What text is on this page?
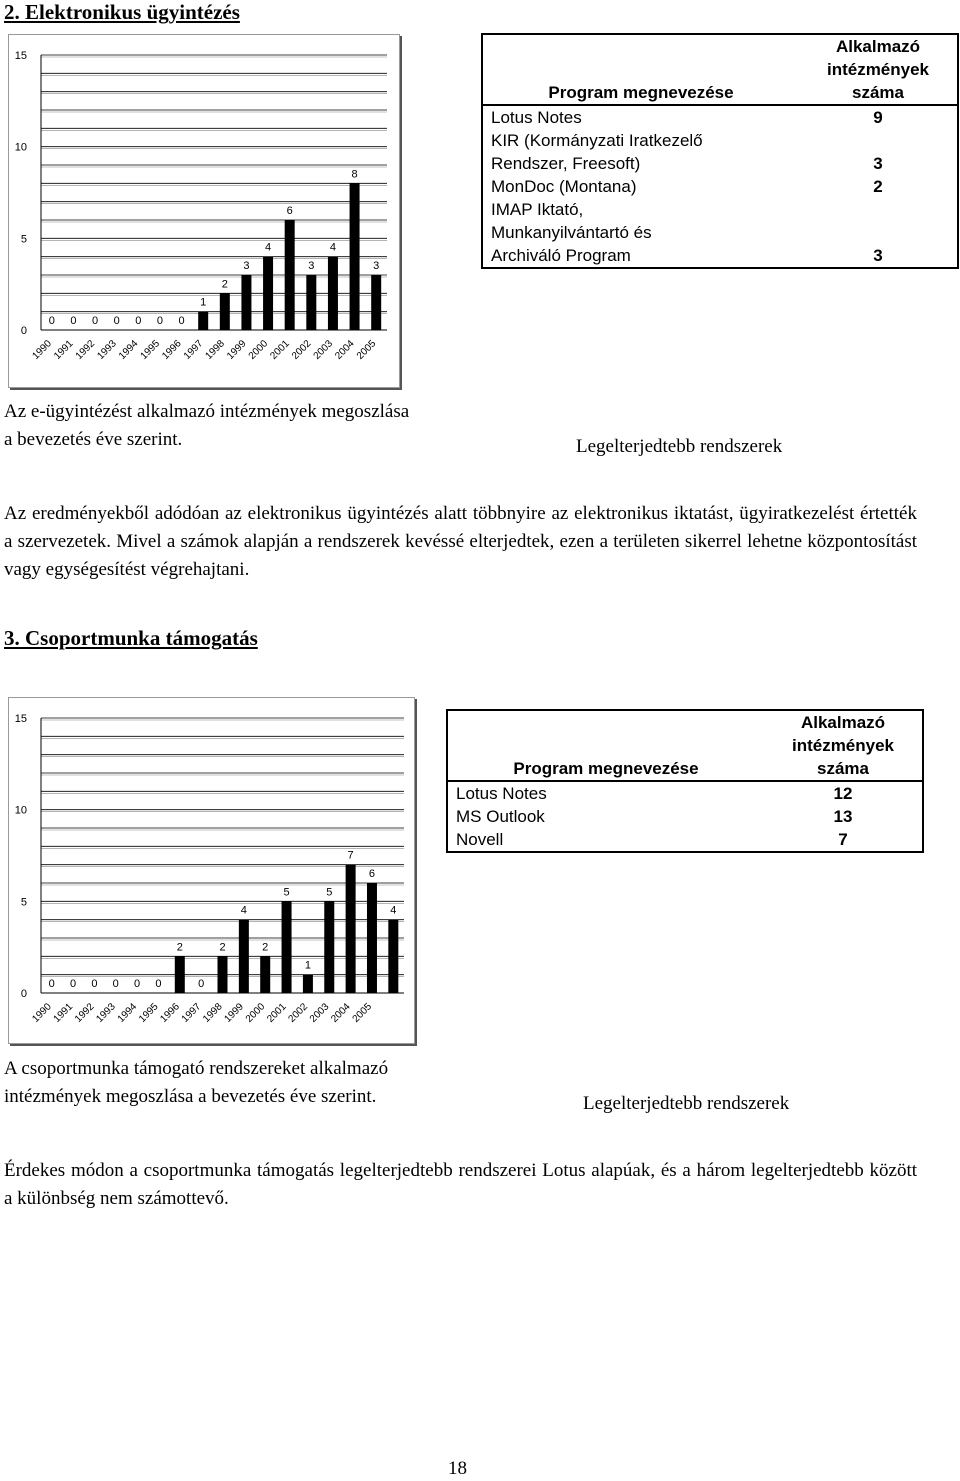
2. Elektronikus ügyintézés
0
5
10
15
0 0 0 0 0 0 0
1
2
3
4
6
3
4
8
3
1990
1991
1992
1993
1994
1995
1996
1997
1998
1999
2000
2001
2002
2003
2004
2005
Program megnevezése	Alkalmazó
intézmények
száma

Lotus Notes	9

KIR (Kormányzati Iratkezelő
Rendszer, Freesoft)	3

MonDoc (Montana)	2

IMAP Iktató,
Munkanyilvántartó és
Archiváló Program	3
Az e-ügyintézést alkalmazó intézmények megoszlása
a bevezetés éve szerint.	Legelterjedtebb rendszerek

Az eredményekből adódóan az elektronikus ügyintézés alatt többnyire az elektronikus iktatást, ügyiratkezelést értették a szervezetek. Mivel a számok alapján a rendszerek kevéssé elterjedtek, ezen a területen sikerrel lehetne központosítást vagy egységesítést végrehajtani.

3. Csoportmunka támogatás
0
5
10
15
0 0 0 0 0 0
2
0
2
4
2
5
1
5
7
6
4
1990
1991
1992
1993
1994
1995
1996
1997
1998
1999
2000
2001
2002
2003
2004
2005
Program megnevezése	Alkalmazó
intézmények
száma

Lotus Notes	12

MS Outlook	13

Novell	7
A csoportmunka támogató rendszereket alkalmazó
intézmények megoszlása a bevezetés éve szerint.	Legelterjedtebb rendszerek

Érdekes módon a csoportmunka támogatás legelterjedtebb rendszerei Lotus alapúak, és a három legelterjedtebb között a különbség nem számottevő.

18
